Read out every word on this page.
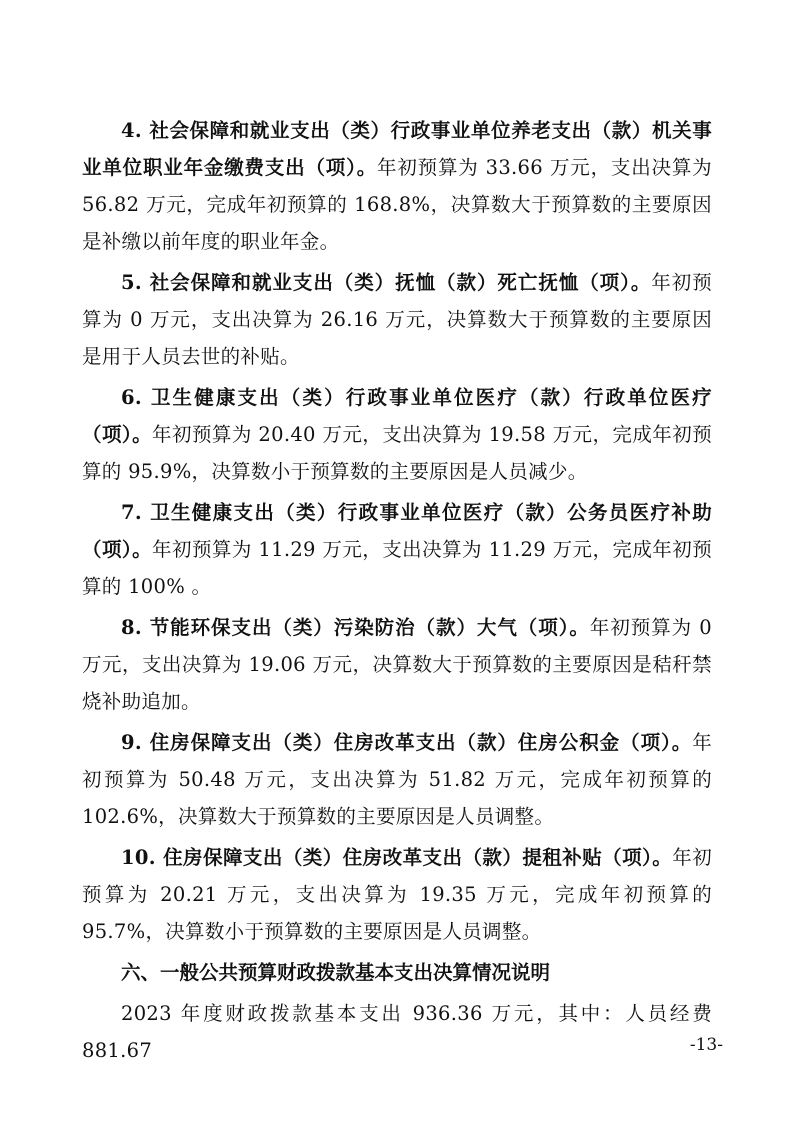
4. 社会保障和就业支出（类）行政事业单位养老支出（款）机关事业单位职业年金缴费支出（项）。年初预算为 33.66 万元，支出决算为 56.82 万元，完成年初预算的 168.8%，决算数大于预算数的主要原因是补缴以前年度的职业年金。

5. 社会保障和就业支出（类）抚恤（款）死亡抚恤（项）。年初预算为 0 万元，支出决算为 26.16 万元，决算数大于预算数的主要原因是用于人员去世的补贴。

6. 卫生健康支出（类）行政事业单位医疗（款）行政单位医疗（项）。年初预算为 20.40 万元，支出决算为 19.58 万元，完成年初预算的 95.9%，决算数小于预算数的主要原因是人员减少。

7. 卫生健康支出（类）行政事业单位医疗（款）公务员医疗补助（项）。年初预算为 11.29 万元，支出决算为 11.29 万元，完成年初预算的 100% 。

8. 节能环保支出（类）污染防治（款）大气（项）。年初预算为 0 万元，支出决算为 19.06 万元，决算数大于预算数的主要原因是秸秆禁烧补助追加。

9. 住房保障支出（类）住房改革支出（款）住房公积金（项）。年初预算为 50.48 万元，支出决算为 51.82 万元，完成年初预算的 102.6%，决算数大于预算数的主要原因是人员调整。

10. 住房保障支出（类）住房改革支出（款）提租补贴（项）。年初预算为 20.21 万元，支出决算为 19.35 万元，完成年初预算的 95.7%，决算数小于预算数的主要原因是人员调整。

六、一般公共预算财政拨款基本支出决算情况说明

2023 年度财政拨款基本支出 936.36 万元，其中：人员经费 881.67	-13-
